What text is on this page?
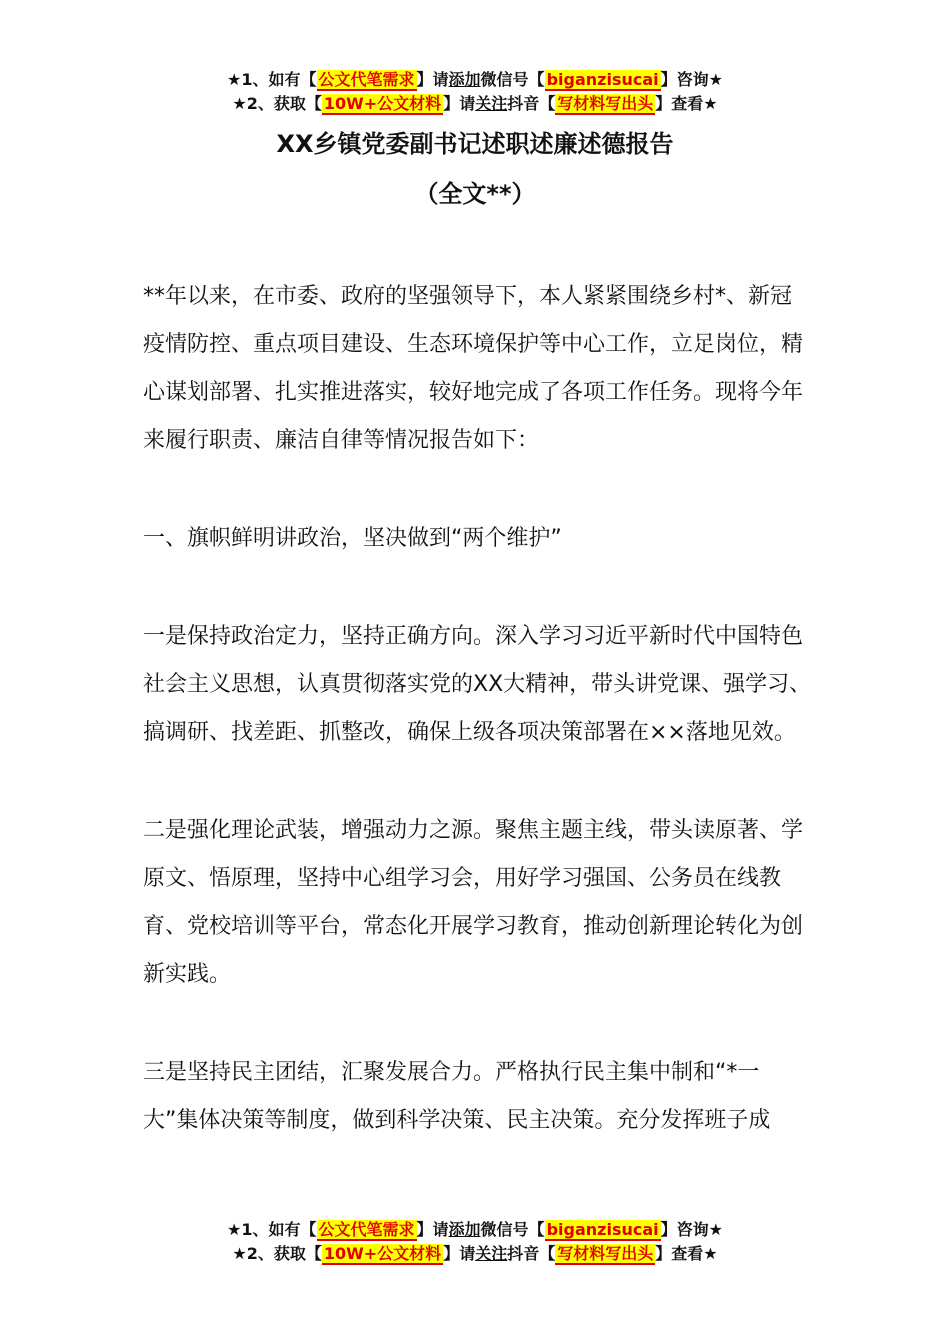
★1、如有【 公文代笔需求 】请添加微信号【 biganzisucai 】咨询★
★2、获取【 10W+公文材料 】请关注抖音【 写材料写出头 】查看★
XX乡镇党委副书记述职述廉述德报告
（全文**）

**年以来，在市委、政府的坚强领导下，本人紧紧围绕乡村*、新冠疫情防控、重点项目建设、生态环境保护等中心工作，立足岗位，精心谋划部署、扎实推进落实，较好地完成了各项工作任务。现将今年来履行职责、廉洁自律等情况报告如下：

一、旗帜鲜明讲政治，坚决做到“两个维护”

一是保持政治定力，坚持正确方向。深入学习习近平新时代中国特色社会主义思想，认真贯彻落实党的XX大精神，带头讲党课、强学习、搞调研、找差距、抓整改，确保上级各项决策部署在××落地见效。

二是强化理论武装，增强动力之源。聚焦主题主线，带头读原著、学原文、悟原理，坚持中心组学习会，用好学习强国、公务员在线教育、党校培训等平台，常态化开展学习教育，推动创新理论转化为创新实践。

三是坚持民主团结，汇聚发展合力。严格执行民主集中制和“*一大”集体决策等制度，做到科学决策、民主决策。充分发挥班子成

★1、如有【 公文代笔需求 】请添加微信号【 biganzisucai 】咨询★
★2、获取【 10W+公文材料 】请关注抖音【 写材料写出头 】查看★
